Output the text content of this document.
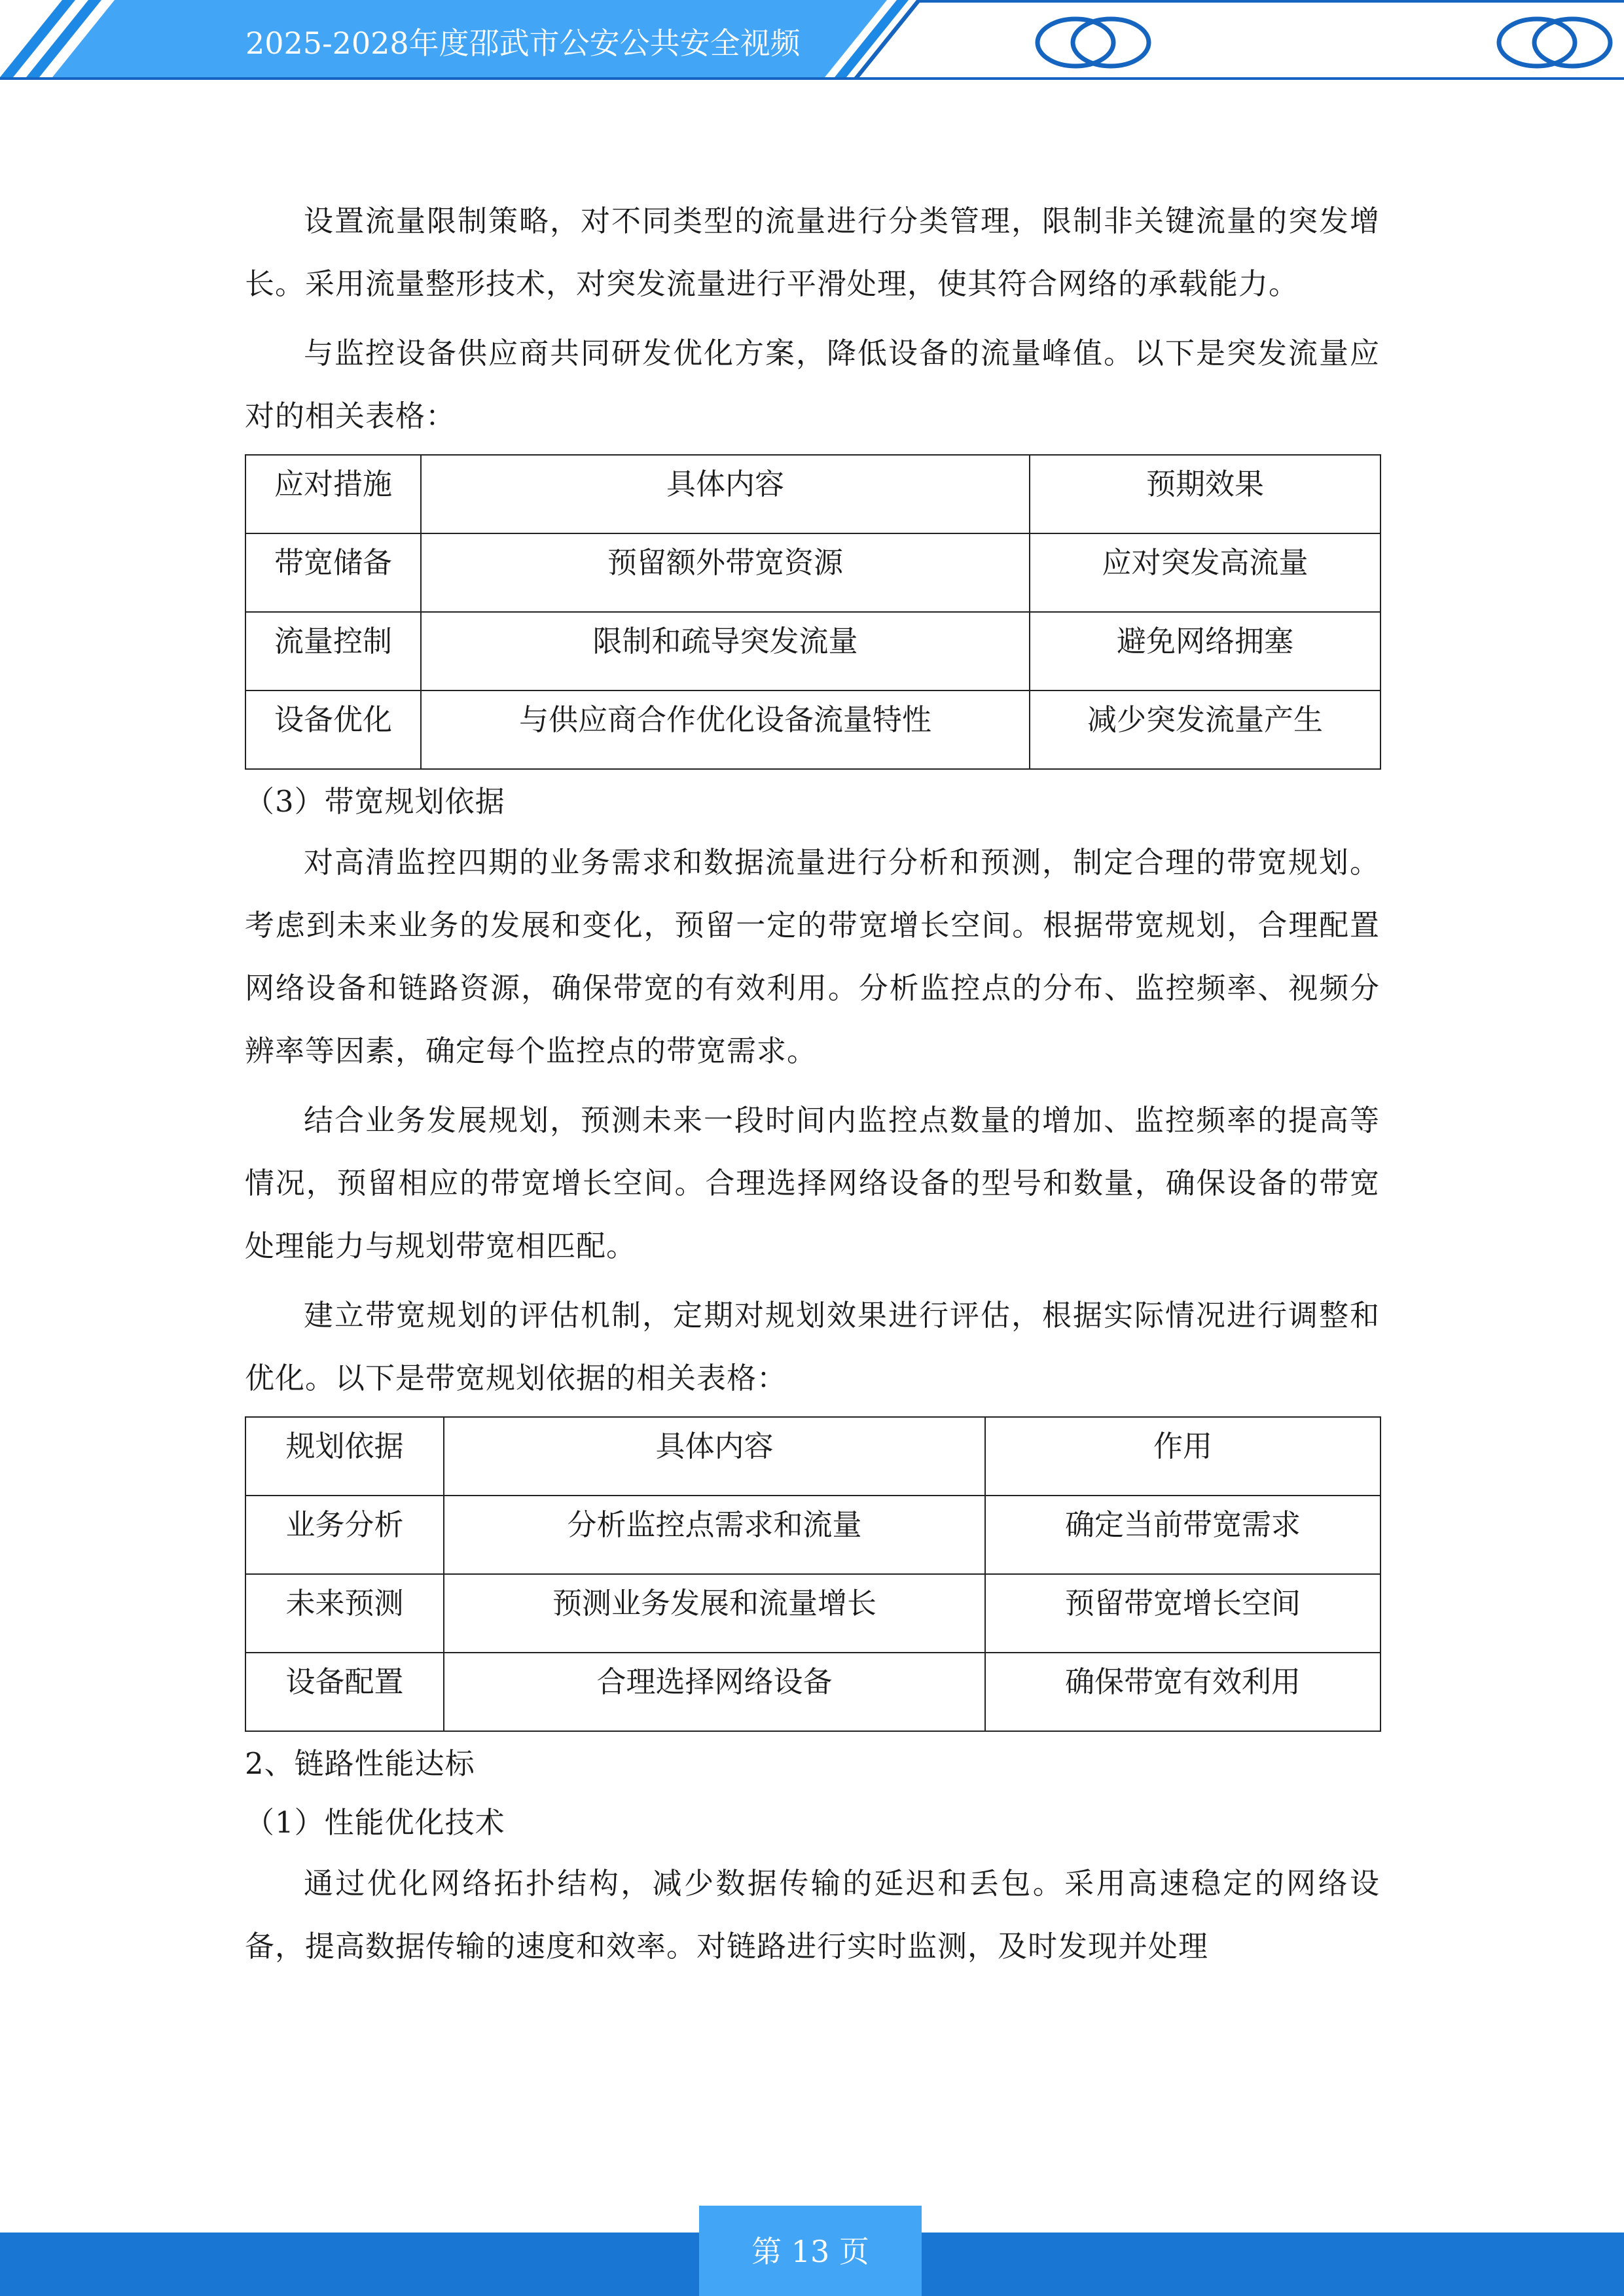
2025-2028年度邵武市公安公共安全视频

设置流量限制策略，对不同类型的流量进行分类管理，限制非关键流量的突发增长。采用流量整形技术，对突发流量进行平滑处理，使其符合网络的承载能力。

与监控设备供应商共同研发优化方案，降低设备的流量峰值。以下是突发流量应对的相关表格：

应对措施	具体内容	预期效果
带宽储备	预留额外带宽资源	应对突发高流量
流量控制	限制和疏导突发流量	避免网络拥塞
设备优化	与供应商合作优化设备流量特性	减少突发流量产生

（3）带宽规划依据

对高清监控四期的业务需求和数据流量进行分析和预测，制定合理的带宽规划。考虑到未来业务的发展和变化，预留一定的带宽增长空间。根据带宽规划，合理配置网络设备和链路资源，确保带宽的有效利用。分析监控点的分布、监控频率、视频分辨率等因素，确定每个监控点的带宽需求。

结合业务发展规划，预测未来一段时间内监控点数量的增加、监控频率的提高等情况，预留相应的带宽增长空间。合理选择网络设备的型号和数量，确保设备的带宽处理能力与规划带宽相匹配。

建立带宽规划的评估机制，定期对规划效果进行评估，根据实际情况进行调整和优化。以下是带宽规划依据的相关表格：

规划依据	具体内容	作用
业务分析	分析监控点需求和流量	确定当前带宽需求
未来预测	预测业务发展和流量增长	预留带宽增长空间
设备配置	合理选择网络设备	确保带宽有效利用

2、链路性能达标

（1）性能优化技术

通过优化网络拓扑结构，减少数据传输的延迟和丢包。采用高速稳定的网络设备，提高数据传输的速度和效率。对链路进行实时监测，及时发现并处理

第 13 页
